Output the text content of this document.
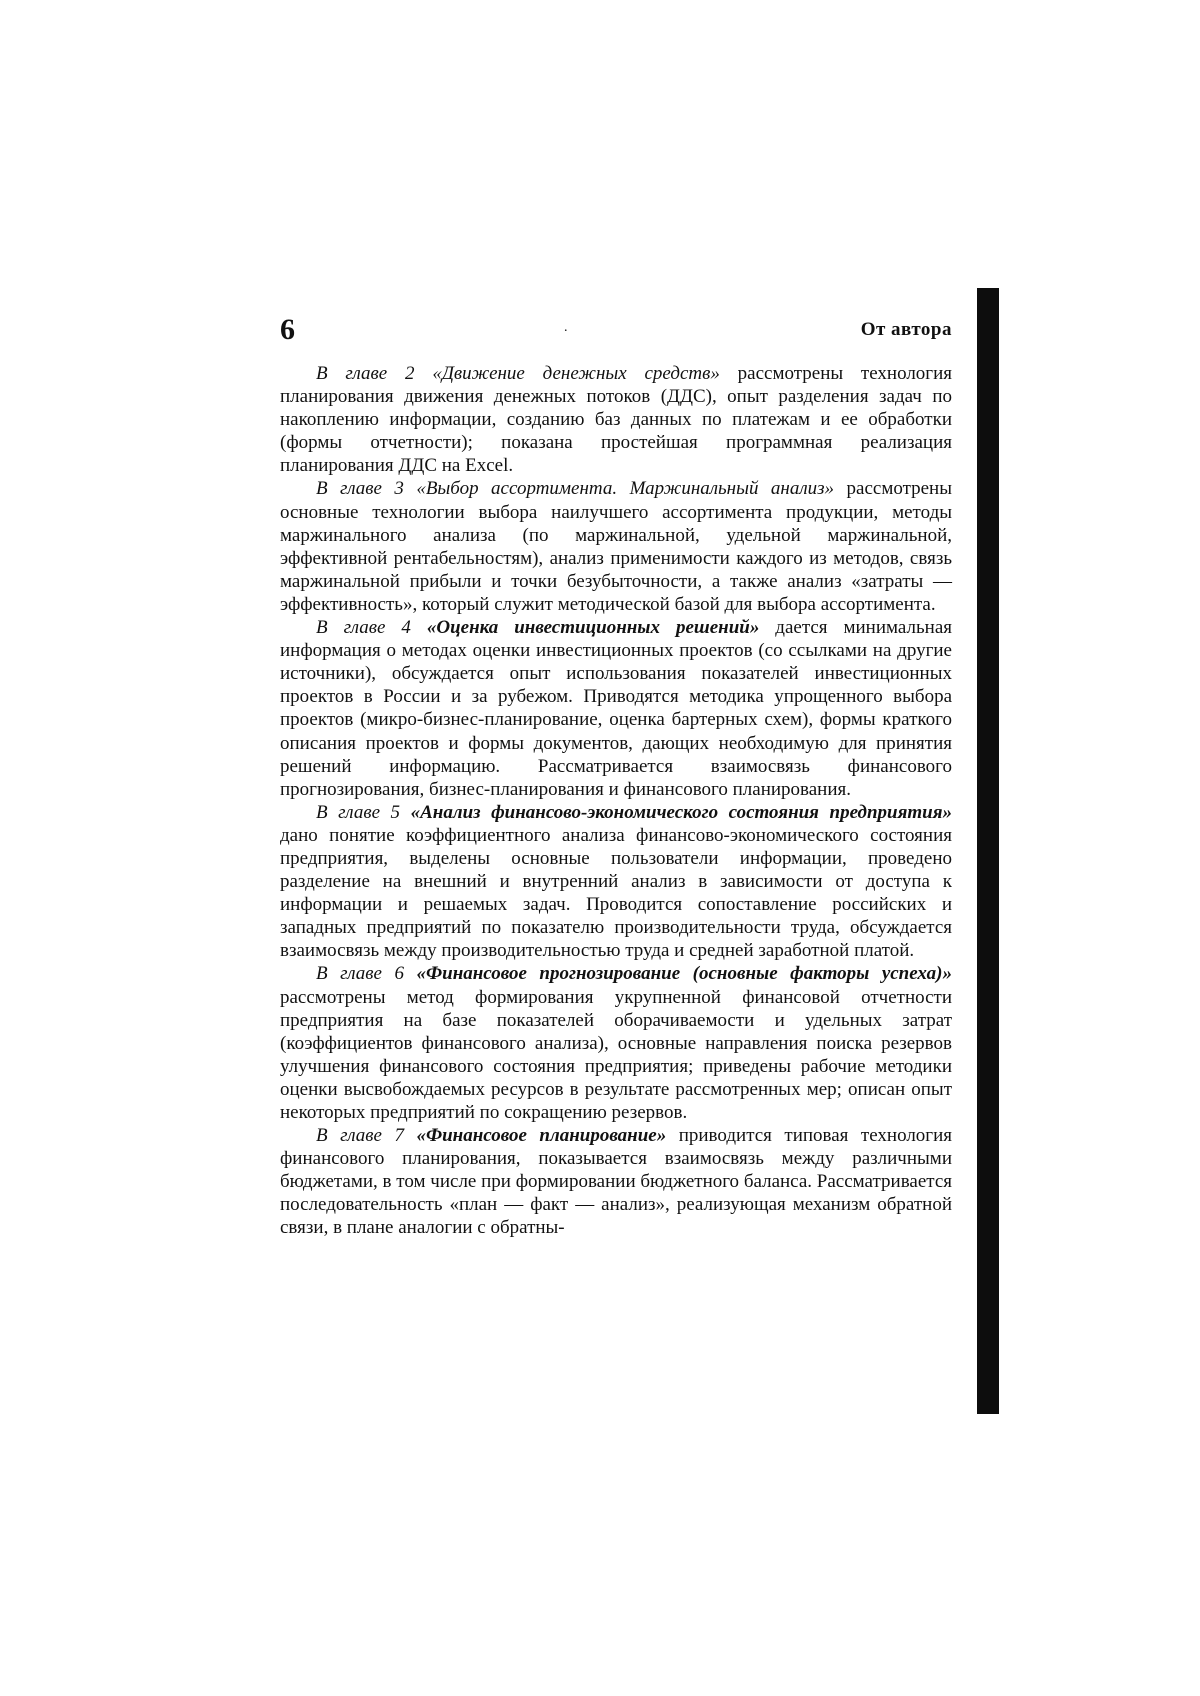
6	.	От автора

В главе 2 «Движение денежных средств» рассмотрены технология планирования движения денежных потоков (ДДС), опыт разделения задач по накоплению информации, созданию баз данных по платежам и ее обработки (формы отчетности); показана простейшая программная реализация планирования ДДС на Excel.

В главе 3 «Выбор ассортимента. Маржинальный анализ» рассмотрены основные технологии выбора наилучшего ассортимента продукции, методы маржинального анализа (по маржинальной, удельной маржинальной, эффективной рентабельностям), анализ применимости каждого из методов, связь маржинальной прибыли и точки безубыточности, а также анализ «затраты — эффективность», который служит методической базой для выбора ассортимента.

В главе 4 «Оценка инвестиционных решений» дается минимальная информация о методах оценки инвестиционных проектов (со ссылками на другие источники), обсуждается опыт использования показателей инвестиционных проектов в России и за рубежом. Приводятся методика упрощенного выбора проектов (микро-бизнес-планирование, оценка бартерных схем), формы краткого описания проектов и формы документов, дающих необходимую для принятия решений информацию. Рассматривается взаимосвязь финансового прогнозирования, бизнес-планирования и финансового планирования.

В главе 5 «Анализ финансово-экономического состояния предприятия» дано понятие коэффициентного анализа финансово-экономического состояния предприятия, выделены основные пользователи информации, проведено разделение на внешний и внутренний анализ в зависимости от доступа к информации и решаемых задач. Проводится сопоставление российских и западных предприятий по показателю производительности труда, обсуждается взаимосвязь между производительностью труда и средней заработной платой.

В главе 6 «Финансовое прогнозирование (основные факторы успеха)» рассмотрены метод формирования укрупненной финансовой отчетности предприятия на базе показателей оборачиваемости и удельных затрат (коэффициентов финансового анализа), основные направления поиска резервов улучшения финансового состояния предприятия; приведены рабочие методики оценки высвобождаемых ресурсов в результате рассмотренных мер; описан опыт некоторых предприятий по сокращению резервов.

В главе 7 «Финансовое планирование» приводится типовая технология финансового планирования, показывается взаимосвязь между различными бюджетами, в том числе при формировании бюджетного баланса. Рассматривается последовательность «план — факт — анализ», реализующая механизм обратной связи, в плане аналогии с обратны-
